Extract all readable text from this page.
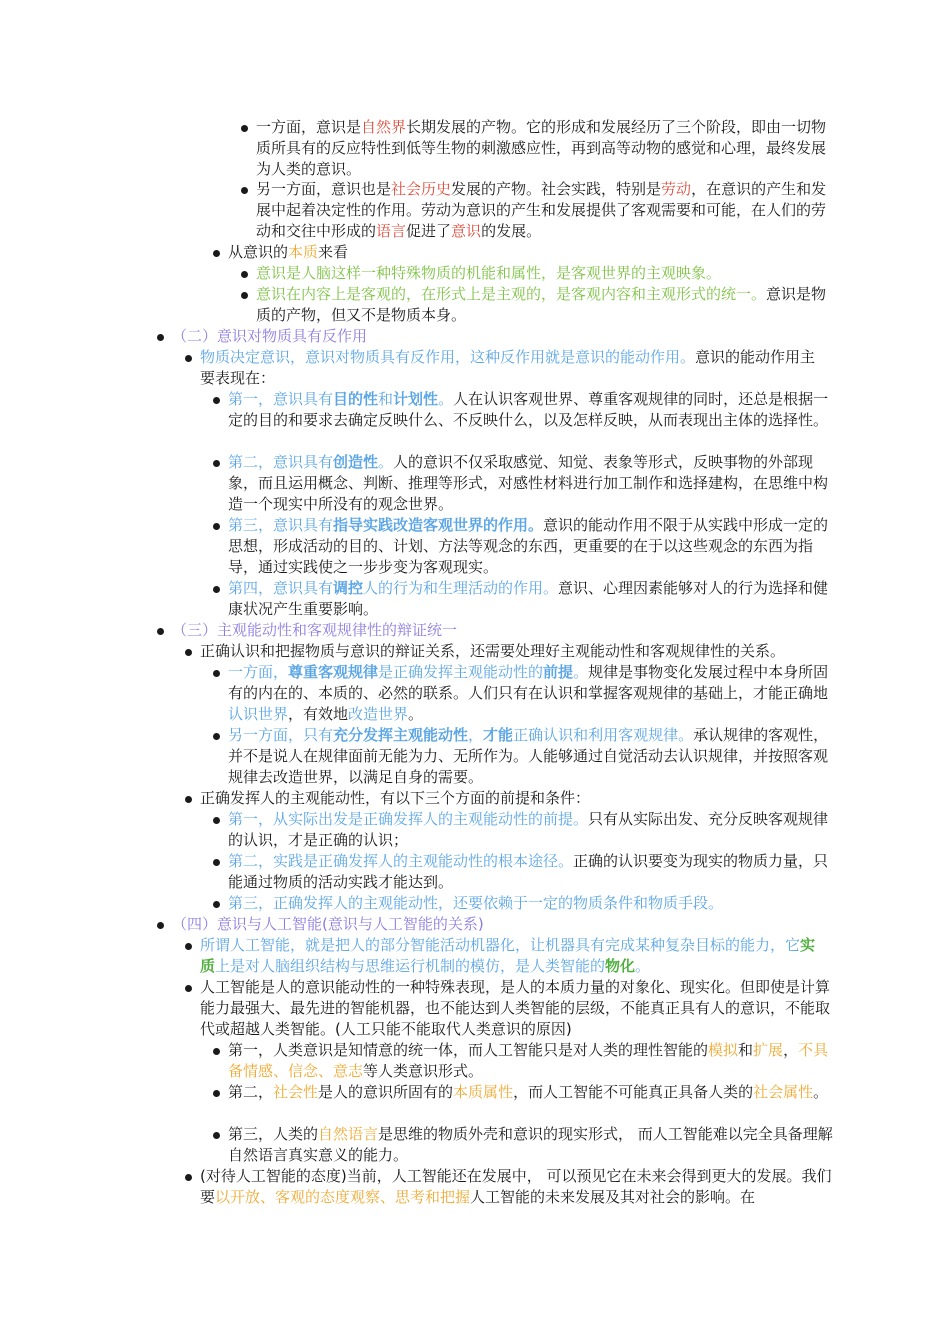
一方面，意识是自然界长期发展的产物。它的形成和发展经历了三个阶段，即由一切物质所具有的反应特性到低等生物的刺激感应性，再到高等动物的感觉和心理，最终发展为人类的意识。
另一方面，意识也是社会历史发展的产物。社会实践，特别是劳动，在意识的产生和发展中起着决定性的作用。劳动为意识的产生和发展提供了客观需要和可能，在人们的劳动和交往中形成的语言促进了意识的发展。
从意识的本质来看
意识是人脑这样一种特殊物质的机能和属性，是客观世界的主观映象。
意识在内容上是客观的，在形式上是主观的，是客观内容和主观形式的统一。意识是物质的产物，但又不是物质本身。
（二）意识对物质具有反作用
物质决定意识，意识对物质具有反作用，这种反作用就是意识的能动作用。意识的能动作用主要表现在：
第一，意识具有目的性和计划性。人在认识客观世界、尊重客观规律的同时，还总是根据一定的目的和要求去确定反映什么、不反映什么，以及怎样反映，从而表现出主体的选择性。
第二，意识具有创造性。人的意识不仅采取感觉、知觉、表象等形式，反映事物的外部现象，而且运用概念、判断、推理等形式，对感性材料进行加工制作和选择建构，在思维中构造一个现实中所没有的观念世界。
第三，意识具有指导实践改造客观世界的作用。意识的能动作用不限于从实践中形成一定的思想，形成活动的目的、计划、方法等观念的东西，更重要的在于以这些观念的东西为指导，通过实践使之一步步变为客观现实。
第四，意识具有调控人的行为和生理活动的作用。意识、心理因素能够对人的行为选择和健康状况产生重要影响。
（三）主观能动性和客观规律性的辩证统一
正确认识和把握物质与意识的辩证关系，还需要处理好主观能动性和客观规律性的关系。
一方面，尊重客观规律是正确发挥主观能动性的前提。规律是事物变化发展过程中本身所固有的内在的、本质的、必然的联系。人们只有在认识和掌握客观规律的基础上，才能正确地认识世界，有效地改造世界。
另一方面，只有充分发挥主观能动性，才能正确认识和利用客观规律。承认规律的客观性，并不是说人在规律面前无能为力、无所作为。人能够通过自觉活动去认识规律，并按照客观规律去改造世界，以满足自身的需要。
正确发挥人的主观能动性，有以下三个方面的前提和条件：
第一，从实际出发是正确发挥人的主观能动性的前提。只有从实际出发、充分反映客观规律的认识，才是正确的认识；
第二，实践是正确发挥人的主观能动性的根本途径。正确的认识要变为现实的物质力量，只能通过物质的活动实践才能达到。
第三，正确发挥人的主观能动性，还要依赖于一定的物质条件和物质手段。
（四）意识与人工智能(意识与人工智能的关系)
所谓人工智能，就是把人的部分智能活动机器化，让机器具有完成某种复杂目标的能力，它实质上是对人脑组织结构与思维运行机制的模仿，是人类智能的物化。
人工智能是人的意识能动性的一种特殊表现，是人的本质力量的对象化、现实化。但即使是计算能力最强大、最先进的智能机器，也不能达到人类智能的层级，不能真正具有人的意识，不能取代或超越人类智能。(人工只能不能取代人类意识的原因)
第一，人类意识是知情意的统一体，而人工智能只是对人类的理性智能的模拟和扩展，不具备情感、信念、意志等人类意识形式。
第二，社会性是人的意识所固有的本质属性，而人工智能不可能真正具备人类的社会属性。
第三，人类的自然语言是思维的物质外壳和意识的现实形式， 而人工智能难以完全具备理解自然语言真实意义的能力。
(对待人工智能的态度)当前，人工智能还在发展中， 可以预见它在未来会得到更大的发展。我们要以开放、客观的态度观察、思考和把握人工智能的未来发展及其对社会的影响。在
